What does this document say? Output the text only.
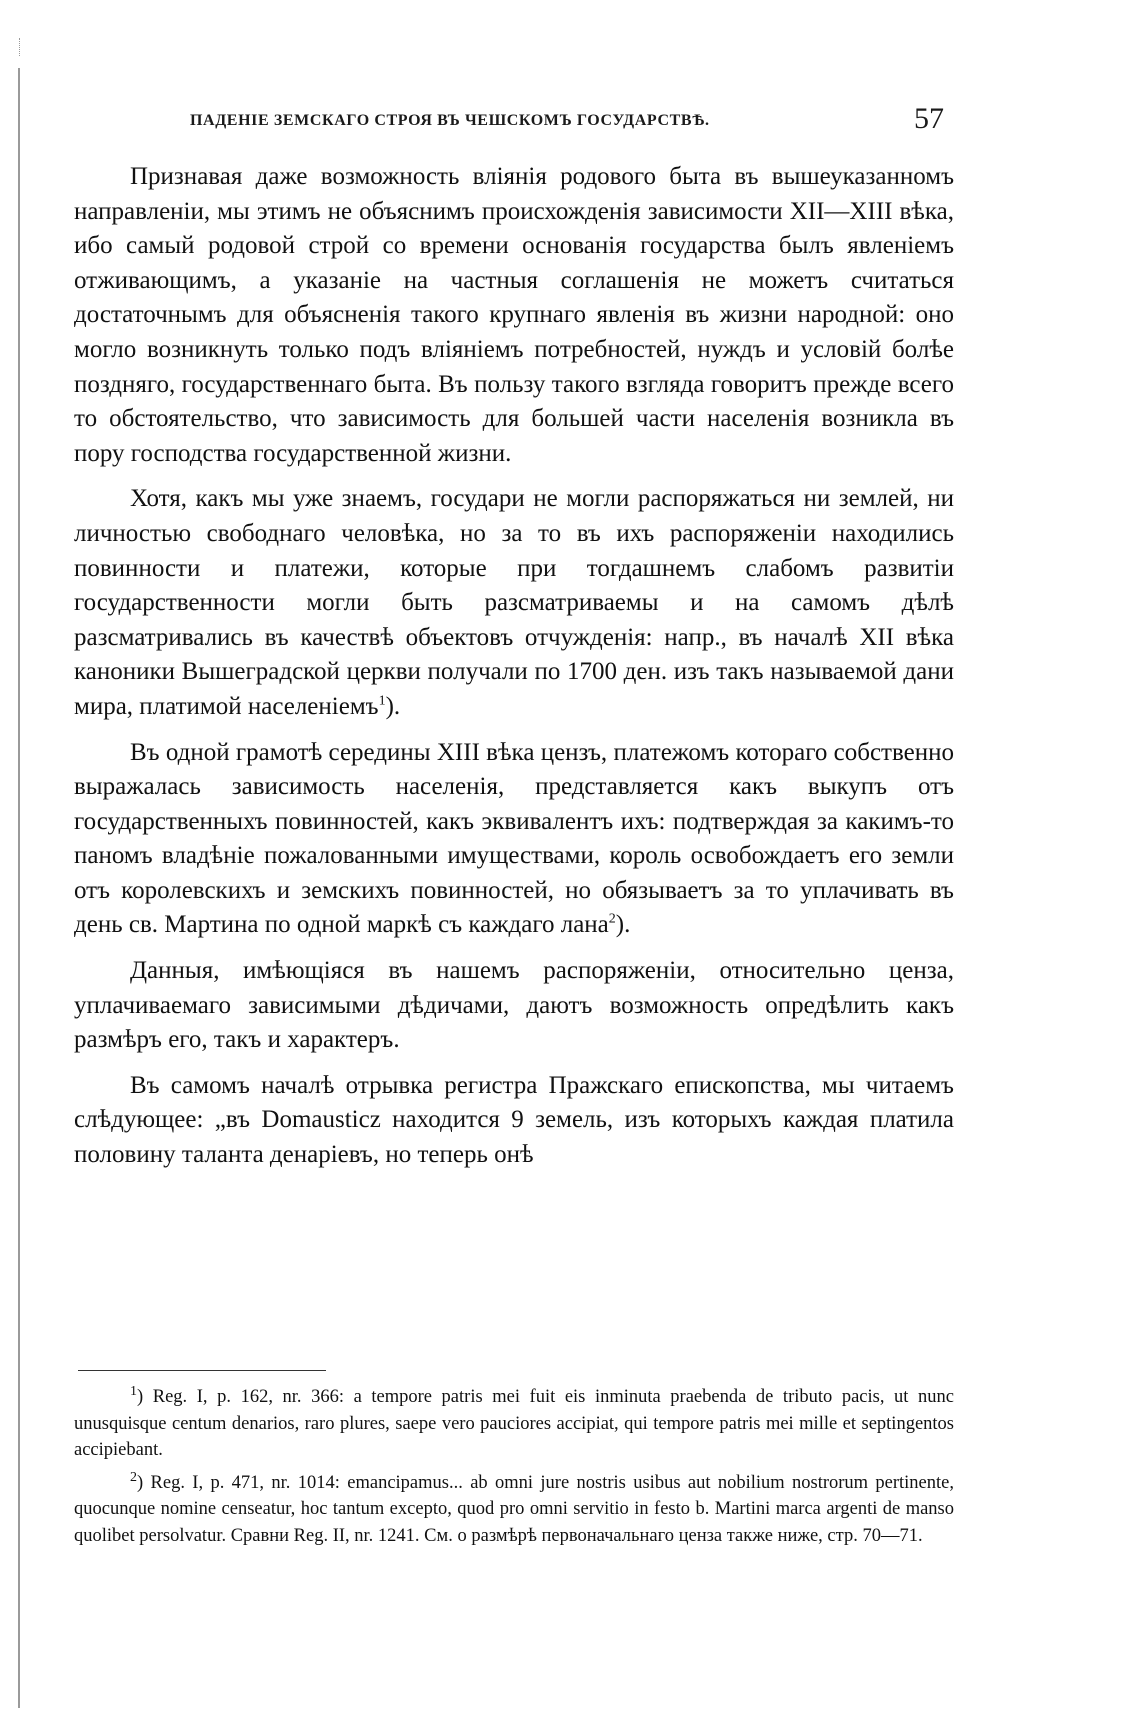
ПАДЕНІЕ ЗЕМСКАГО СТРОЯ ВЪ ЧЕШСКОМЪ ГОСУДАРСТВѢ.	57

Признавая даже возможность вліянія родового быта въ вышеуказанномъ направленіи, мы этимъ не объяснимъ происхожденія зависимости XII—XIII вѣка, ибо самый родовой строй со времени основанія государства былъ явленіемъ отживающимъ, а указаніе на частныя соглашенія не можетъ считаться достаточнымъ для объясненія такого крупнаго явленія въ жизни народной: оно могло возникнуть только подъ вліяніемъ потребностей, нуждъ и условій болѣе поздняго, государственнаго быта. Въ пользу такого взгляда говоритъ прежде всего то обстоятельство, что зависимость для большей части населенія возникла въ пору господства государственной жизни.

Хотя, какъ мы уже знаемъ, государи не могли распоряжаться ни землей, ни личностью свободнаго человѣка, но за то въ ихъ распоряженіи находились повинности и платежи, которые при тогдашнемъ слабомъ развитіи государственности могли быть разсматриваемы и на самомъ дѣлѣ разсматривались въ качествѣ объектовъ отчужденія: напр., въ началѣ XII вѣка каноники Вышеградской церкви получали по 1700 ден. изъ такъ называемой дани мира, платимой населеніемъ$^1$).

Въ одной грамотѣ середины XIII вѣка цензъ, платежомъ котораго собственно выражалась зависимость населенія, представляется какъ выкупъ отъ государственныхъ повинностей, какъ эквивалентъ ихъ: подтверждая за какимъ-то паномъ владѣніе пожалованными имуществами, король освобождаетъ его земли отъ королевскихъ и земскихъ повинностей, но обязываетъ за то уплачивать въ день св. Мартина по одной маркѣ съ каждаго лана$^2$).

Данныя, имѣющіяся въ нашемъ распоряженіи, относительно ценза, уплачиваемаго зависимыми дѣдичами, даютъ возможность опредѣлить какъ размѣръ его, такъ и характеръ.

Въ самомъ началѣ отрывка регистра Пражскаго епископства, мы читаемъ слѣдующее: „въ Domausticz находится 9 земель, изъ которыхъ каждая платила половину таланта денаріевъ, но теперь онѣ

$^1$) Reg. I, p. 162, nr. 366: a tempore patris mei fuit eis inminuta praebenda de tributo pacis, ut nunc unusquisque centum denarios, raro plures, saepe vero pauciores accipiat, qui tempore patris mei mille et septingentos accipiebant.

$^2$) Reg. I, p. 471, nr. 1014: emancipamus... ab omni jure nostris usibus aut nobilium nostrorum pertinente, quocunque nomine censeatur, hoc tantum excepto, quod pro omni servitio in festo b. Martini marca argenti de manso quolibet persolvatur. Сравни Reg. II, nr. 1241. См. о размѣрѣ первоначальнаго ценза также ниже, стр. 70—71.
